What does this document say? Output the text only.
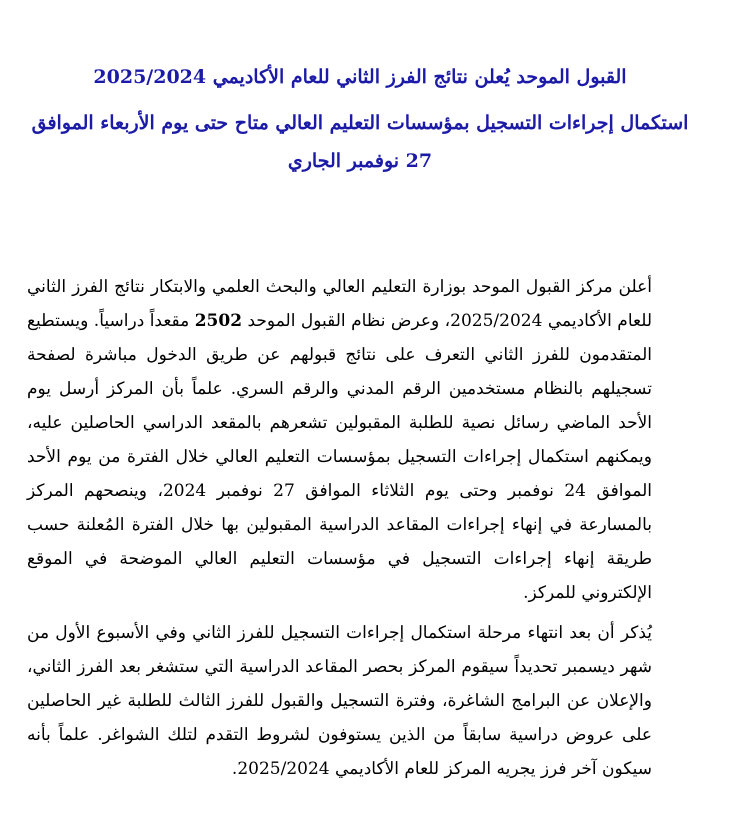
القبول الموحد يُعلن نتائج الفرز الثاني للعام الأكاديمي 2025/2024

استكمال إجراءات التسجيل بمؤسسات التعليم العالي متاح حتى يوم الأربعاء الموافق 27 نوفمبر الجاري

أعلن مركز القبول الموحد بوزارة التعليم العالي والبحث العلمي والابتكار نتائج الفرز الثاني للعام الأكاديمي 2025/2024، وعرض نظام القبول الموحد 2502 مقعداً دراسياً. ويستطيع المتقدمون للفرز الثاني التعرف على نتائج قبولهم عن طريق الدخول مباشرة لصفحة تسجيلهم بالنظام مستخدمين الرقم المدني والرقم السري. علماً بأن المركز أرسل يوم الأحد الماضي رسائل نصية للطلبة المقبولين تشعرهم بالمقعد الدراسي الحاصلين عليه، ويمكنهم استكمال إجراءات التسجيل بمؤسسات التعليم العالي خلال الفترة من يوم الأحد الموافق 24 نوفمبر وحتى يوم الثلاثاء الموافق 27 نوفمبر 2024، وينصحهم المركز بالمسارعة في إنهاء إجراءات المقاعد الدراسية المقبولين بها خلال الفترة المُعلنة حسب طريقة إنهاء إجراءات التسجيل في مؤسسات التعليم العالي الموضحة في الموقع الإلكتروني للمركز.

يُذكر أن بعد انتهاء مرحلة استكمال إجراءات التسجيل للفرز الثاني وفي الأسبوع الأول من شهر ديسمبر تحديداً سيقوم المركز بحصر المقاعد الدراسية التي ستشغر بعد الفرز الثاني، والإعلان عن البرامج الشاغرة، وفترة التسجيل والقبول للفرز الثالث للطلبة غير الحاصلين على عروض دراسية سابقاً من الذين يستوفون لشروط التقدم لتلك الشواغر. علماً بأنه سيكون آخر فرز يجريه المركز للعام الأكاديمي 2025/2024.
